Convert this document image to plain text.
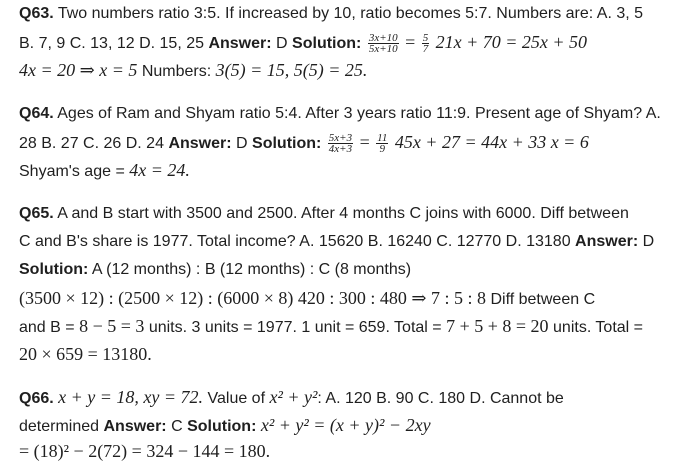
Q63. Two numbers ratio 3:5. If increased by 10, ratio becomes 5:7. Numbers are: A. 3, 5
B. 7, 9 C. 13, 12 D. 15, 25 Answer: D Solution: $\frac{3x+10}{5x+10} = \frac{5}{7} 21x + 70 = 25x + 50$
4x = 20 ⇒ x = 5 Numbers: 3(5) = 15, 5(5) = 25.
Q64. Ages of Ram and Shyam ratio 5:4. After 3 years ratio 11:9. Present age of Shyam? A.
28 B. 27 C. 26 D. 24 Answer: D Solution: $\frac{5x+3}{4x+3} = \frac{11}{9} 45x + 27 = 44x + 33$ x = 6
Shyam's age = 4x = 24.
Q65. A and B start with 3500 and 2500. After 4 months C joins with 6000. Diff between
C and B's share is 1977. Total income? A. 15620 B. 16240 C. 12770 D. 13180 Answer: D
Solution: A (12 months) : B (12 months) : C (8 months)
(3500 × 12) : (2500 × 12) : (6000 × 8) 420 : 300 : 480 ⇒ 7 : 5 : 8 Diff between C
and B = 8 − 5 = 3 units. 3 units = 1977. 1 unit = 659. Total = 7 + 5 + 8 = 20 units. Total =
20 × 659 = 13180.
Q66. x + y = 18, xy = 72. Value of x² + y²: A. 120 B. 90 C. 180 D. Cannot be
determined Answer: C Solution: x² + y² = (x + y)² − 2xy
= (18)² − 2(72) = 324 − 144 = 180.
